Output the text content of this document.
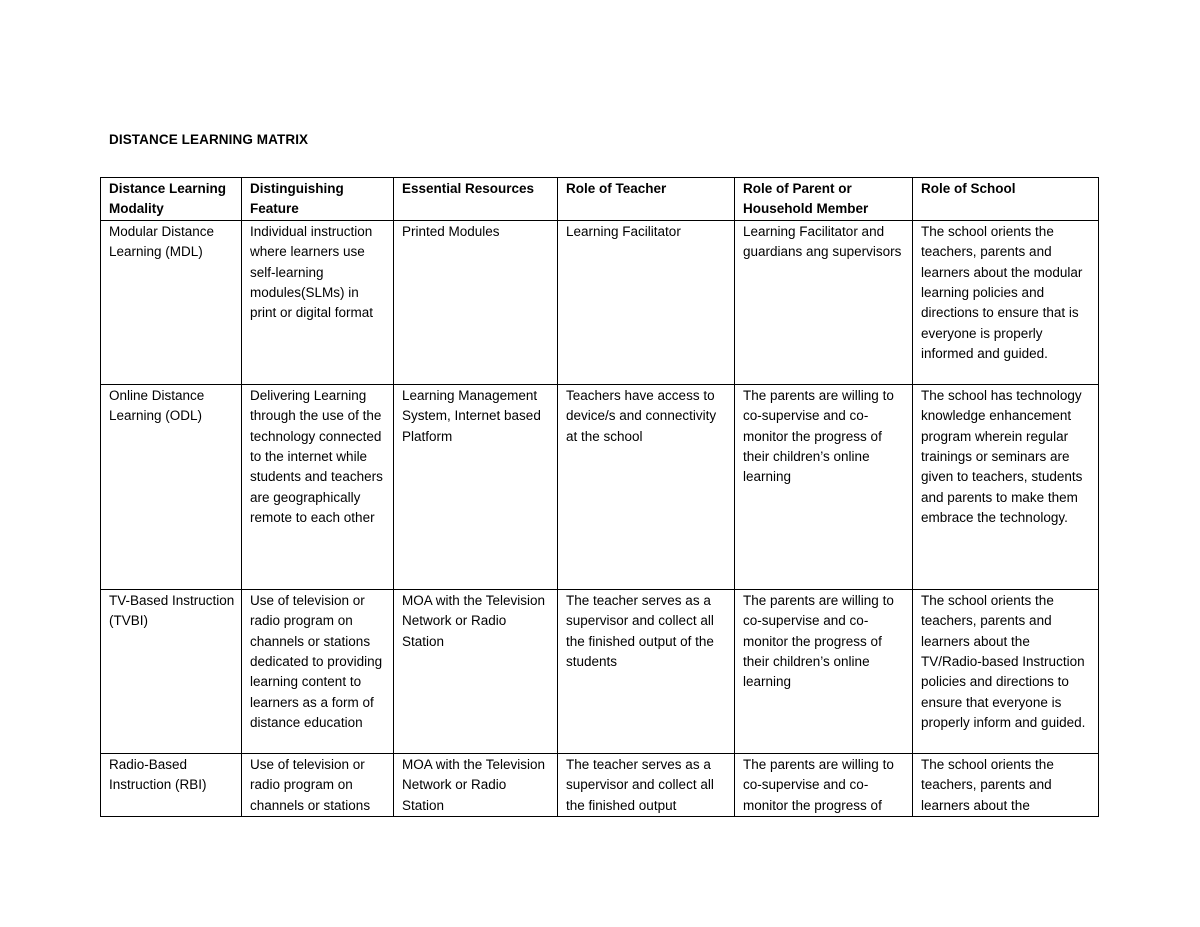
DISTANCE LEARNING MATRIX
Distance Learning Modality	Distinguishing Feature	Essential Resources	Role of Teacher	Role of Parent or Household Member	Role of School
Modular Distance Learning (MDL)	Individual instruction where learners use self-learning modules(SLMs) in print or digital format	Printed Modules	Learning Facilitator	Learning Facilitator and guardians ang supervisors	The school orients the teachers, parents and learners about the modular learning policies and directions to ensure that is everyone is properly informed and guided.
Online Distance Learning (ODL)	Delivering Learning through the use of the technology connected to the internet while students and teachers are geographically remote to each other	Learning Management System, Internet based Platform	Teachers have access to device/s and connectivity at the school	The parents are willing to co-supervise and co-monitor the progress of their children’s online learning	The school has technology knowledge enhancement program wherein regular trainings or seminars are given to teachers, students and parents to make them embrace the technology.
TV-Based Instruction (TVBI)	Use of television or radio program on channels or stations dedicated to providing learning content to learners as a form of distance education	MOA with the Television Network or Radio Station	The teacher serves as a supervisor and collect all the finished output of the students	The parents are willing to co-supervise and co-monitor the progress of their children’s online learning	The school orients the teachers, parents and learners about the TV/Radio-based Instruction policies and directions to ensure that everyone is properly inform and guided.
Radio-Based Instruction (RBI)	Use of television or radio program on channels or stations	MOA with the Television Network or Radio Station	The teacher serves as a supervisor and collect all the finished output	The parents are willing to co-supervise and co-monitor the progress of	The school orients the teachers, parents and learners about the
